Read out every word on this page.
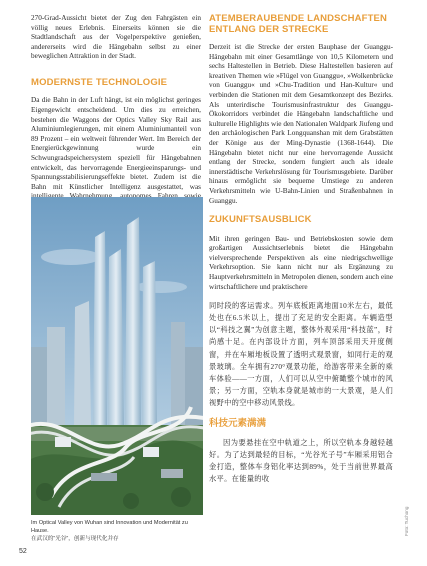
270-Grad-Aussicht bietet der Zug den Fahrgästen ein völlig neues Erlebnis. Einerseits können sie die Stadtlandschaft aus der Vogelperspektive genießen, andererseits wird die Hängebahn selbst zu einer beweglichen Attraktion in der Stadt.

MODERNSTE TECHNOLOGIE

Da die Bahn in der Luft hängt, ist ein möglichst geringes Eigengewicht entscheidend. Um dies zu erreichen, bestehen die Waggons der Optics Valley Sky Rail aus Aluminiumlegierungen, mit einem Aluminiumanteil von 89 Prozent – ein weltweit führender Wert. Im Bereich der Energierückgewinnung wurde ein Schwungradspeichersystem speziell für Hängebahnen entwickelt, das hervorragende Energieeinsparungs- und Spannungsstabilisierungseffekte bietet. Zudem ist die Bahn mit Künstlicher Intelligenz ausgestattet, was

Im Optical Valley von Wuhan sind Innovation und Modernität zu Hause.
在武汉的“光谷”，创新与现代化并存
ATEMBERAUBENDE LANDSCHAFTEN ENTLANG DER STRECKE

Derzeit ist die Strecke der ersten Bauphase der Guanggu-Hängebahn mit einer Gesamtlänge von 10,5 Kilometern und sechs Haltestellen in Betrieb. Diese Haltestellen basieren auf kreativen Themen wie »Flügel von Guanggu«, »Wolkenbrücke von Guanggu« und »Chu-Tradition und Han-Kultur« und verbinden die Stationen mit dem Gesamtkonzept des Bezirks. Als unterirdische Tourismusinfrastruktur des Guanggu-Ökokorridors verbindet die Hängebahn landschaftliche und kulturelle Highlights wie den Nationalen Waldpark Jiufeng und den archäologischen Park Longquanshan mit dem Grabstätten der Könige aus der Ming-Dynastie (1368-1644). Die Hängebahn bietet nicht nur eine hervorragende Aussicht entlang der Strecke, sondern fungiert auch als ideale innerstädtische Verkehrslösung für Tourismusgebiete. Darüber hinaus ermöglicht sie bequeme Umstiege zu anderen Verkehrsmitteln wie U-Bahn-Linien und Straßenbahnen in Guanggu.

ZUKUNFTSAUSBLICK

Mit ihren geringen Bau- und Betriebskosten sowie dem großartigen Aussichtserlebnis bietet die Hängebahn vielversprechende Perspektiven als eine niedrigschwellige Verkehrsoption. Sie kann nicht nur als Ergänzung zu Hauptverkehrsmitteln in Metropolen dienen, sondern auch eine wirtschaftlichere und praktischere

同时段的客运需求。列车底板距离地面10米左右，最低处也在6.5米以上，提出了充足的安全距离。车辆造型以“科技之翼”为创意主题，整体外观采用“科技蓝”，时尚感十足。在内部设计方面，列车顶部采用天开度侧窗，并在车厢地板设置了透明式观景窗，如同行走的观景玻璃。全车拥有270°观景功能，给游客带来全新的乘车体验——一方面，人们可以从空中俯瞰整个城市的风景；另一方面，空轨本身就是城市的一大景观，是人们视野中的空中移动风景线。

科技元素满满

因为要悬挂在空中轨道之上，所以空轨本身越轻越好。为了达到最轻的目标，“光谷光子号”车厢采用铝合金打造，整体车身铝化率达到89%，处于当前世界最高水平。在能量的收

52
Foto: Tuchong
